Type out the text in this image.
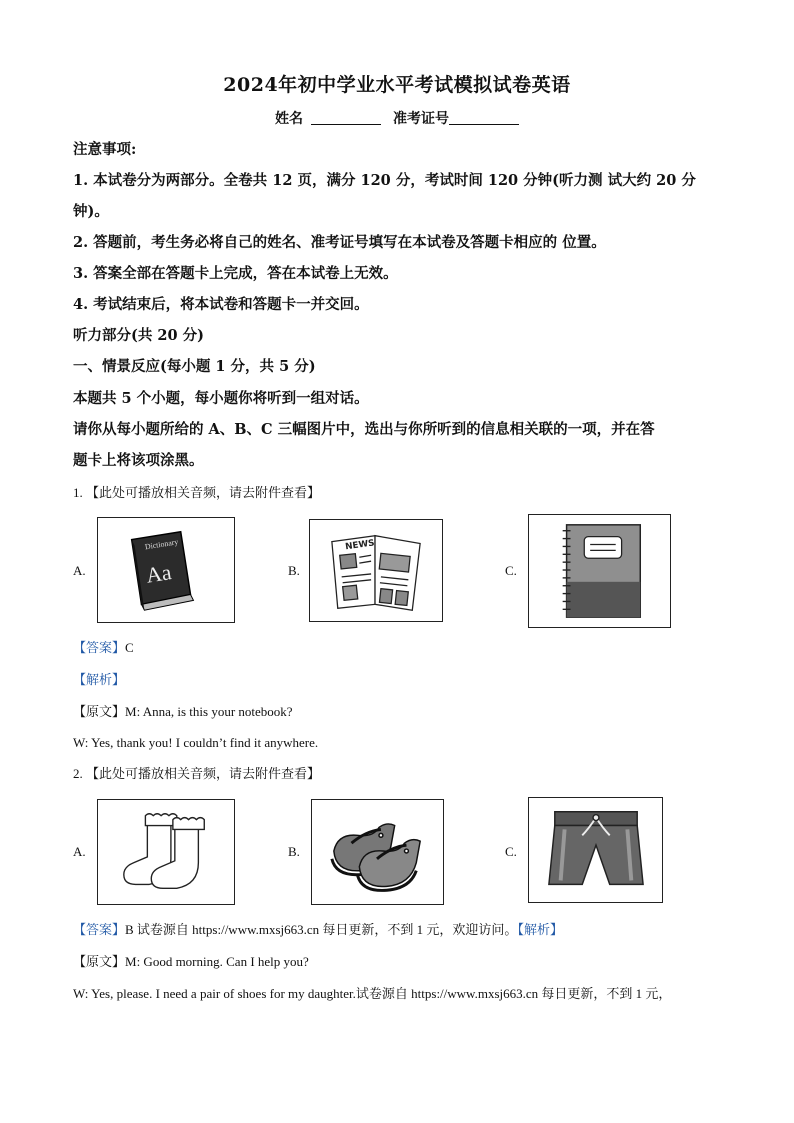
2024年初中学业水平考试模拟试卷英语
姓名	准考证号
注意事项:
1. 本试卷分为两部分。全卷共 12 页，满分 120 分，考试时间 120 分钟(听力测 试大约 20 分
钟)。
2. 答题前，考生务必将自己的姓名、准考证号填写在本试卷及答题卡相应的 位置。
3. 答案全部在答题卡上完成，答在本试卷上无效。
4. 考试结束后，将本试卷和答题卡一并交回。
听力部分(共 20 分)
一、情景反应(每小题 1 分，共 5 分)
本题共 5 个小题，每小题你将听到一组对话。
请你从每小题所给的 A、B、C 三幅图片中，选出与你所听到的信息相关联的一项，并在答
题卡上将该项涂黑。
1. 【此处可播放相关音频，请去附件查看】
A.
Dictionary
Aa	B.
NEWS
C.
【答案】C
【解析】
【原文】M: Anna, is this your notebook?
W: Yes, thank you! I couldn’t find it anywhere.
2. 【此处可播放相关音频，请去附件查看】
A.	B.	C.
【答案】B 试卷源自 https://www.mxsj663.cn 每日更新，不到 1 元，欢迎访问。【解析】
【原文】M: Good morning. Can I help you?
W: Yes, please. I need a pair of shoes for my daughter.试卷源自 https://www.mxsj663.cn 每日更新，不到 1 元，
